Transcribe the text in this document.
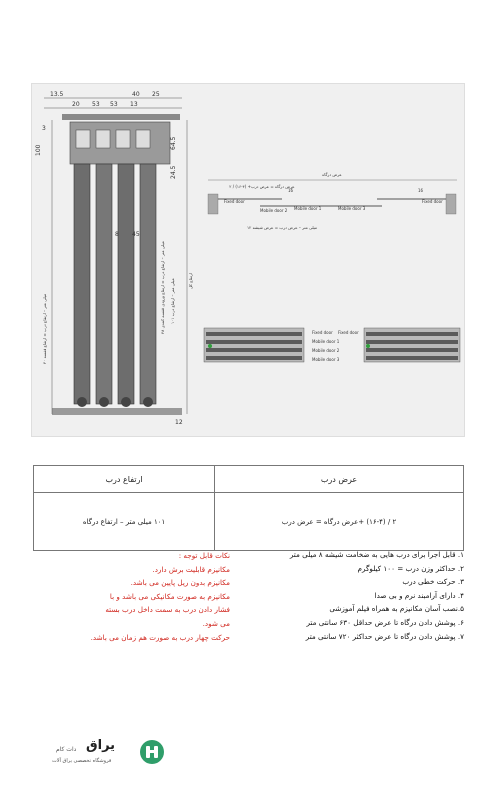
13.5
20 53
40 25
53 13
100
3
۴۰ میلی متر – ارتفاع درب = ارتفاع قفسه
64.5
24.5
12
8 45
۴۸ میلی متر – ارتفاع درب = ارتفاع ورودی قفسه کمدی ۱۰۱ میلی متر – ارتفاع درب	ارتفاع کل
عرض درگاه
۲ / (۱۶-۴) +عرض درگاه = عرض درب
Fixed door
Mobile door 2 Mobile door 1	Mobile door 3
Fixed door
16	16
۱۲ میلی متر – عرض درب = عرض شیشه
Fixed door Fixed door
Mobile door 1
Mobile door 2
Mobile door 3
ارتفاع درب	عرض درب
۱۰۱ میلی متر – ارتفاع درگاه	۲ / (۱۶-۴) +عرض درگاه = عرض درب
۱. قابل اجرا برای درب هایی به ضخامت شیشه ۸ میلی متر
۲. حداکثر وزن درب = ۱۰۰ کیلوگرم
۳. حرکت خطی درب
۴. دارای آرامبند نرم و بی صدا
۵.نصب آسان مکانیزم به همراه فیلم آموزشی
۶. پوشش دادن درگاه تا عرض حداقل ۶۳۰ سانتی متر
۷. پوشش دادن درگاه تا عرض حداکثر ۷۲۰ سانتی متر
نکات قابل توجه :
مکانیزم قابلیت برش دارد.
مکانیزم بدون ریل پایین می باشد.
مکانیزم به صورت مکانیکی می باشد و با
فشار دادن درب به سمت داخل درب بسته
می شود.
حرکت چهار درب به صورت هم زمان می باشد.
یراق
دات کام
فروشگاه تخصصی یراق آلات
